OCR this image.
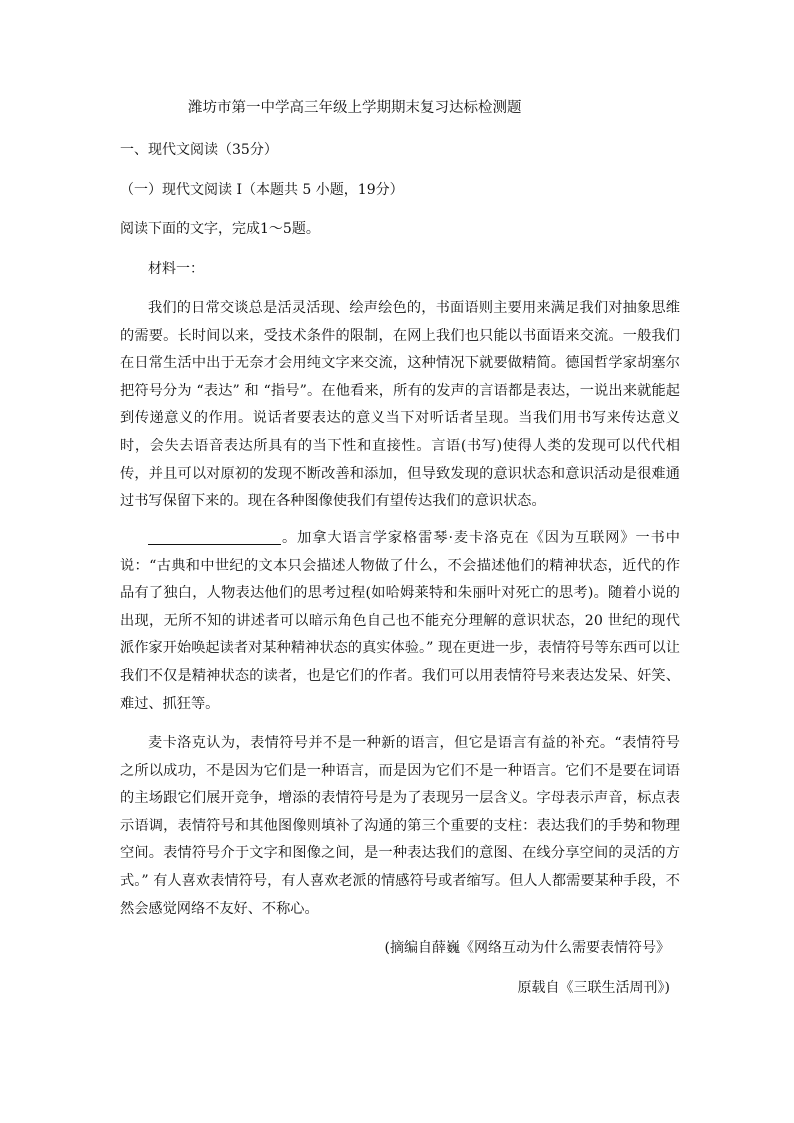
潍坊市第一中学高三年级上学期期末复习达标检测题
一、现代文阅读（35分）
（一）现代文阅读 I（本题共 5 小题，19分）
阅读下面的文字，完成1～5题。
材料一：

我们的日常交谈总是活灵活现、绘声绘色的，书面语则主要用来满足我们对抽象思维的需要。长时间以来，受技术条件的限制，在网上我们也只能以书面语来交流。一般我们在日常生活中出于无奈才会用纯文字来交流，这种情况下就要做精简。德国哲学家胡塞尔把符号分为 “表达” 和 “指号”。在他看来，所有的发声的言语都是表达，一说出来就能起到传递意义的作用。说话者要表达的意义当下对听话者呈现。当我们用书写来传达意义时，会失去语音表达所具有的当下性和直接性。言语(书写)使得人类的发现可以代代相传，并且可以对原初的发现不断改善和添加，但导致发现的意识状态和意识活动是很难通过书写保留下来的。现在各种图像使我们有望传达我们的意识状态。

。加拿大语言学家格雷琴·麦卡洛克在《因为互联网》一书中说：“古典和中世纪的文本只会描述人物做了什么，不会描述他们的精神状态，近代的作品有了独白，人物表达他们的思考过程(如哈姆莱特和朱丽叶对死亡的思考)。随着小说的出现，无所不知的讲述者可以暗示角色自己也不能充分理解的意识状态，20 世纪的现代派作家开始唤起读者对某种精神状态的真实体验。” 现在更进一步，表情符号等东西可以让我们不仅是精神状态的读者，也是它们的作者。我们可以用表情符号来表达发呆、奸笑、难过、抓狂等。

麦卡洛克认为，表情符号并不是一种新的语言，但它是语言有益的补充。“表情符号之所以成功，不是因为它们是一种语言，而是因为它们不是一种语言。它们不是要在词语的主场跟它们展开竞争，增添的表情符号是为了表现另一层含义。字母表示声音，标点表示语调，表情符号和其他图像则填补了沟通的第三个重要的支柱：表达我们的手势和物理空间。表情符号介于文字和图像之间，是一种表达我们的意图、在线分享空间的灵活的方式。” 有人喜欢表情符号，有人喜欢老派的情感符号或者缩写。但人人都需要某种手段，不然会感觉网络不友好、不称心。

(摘编自薛巍《网络互动为什么需要表情符号》
原载自《三联生活周刊》)
